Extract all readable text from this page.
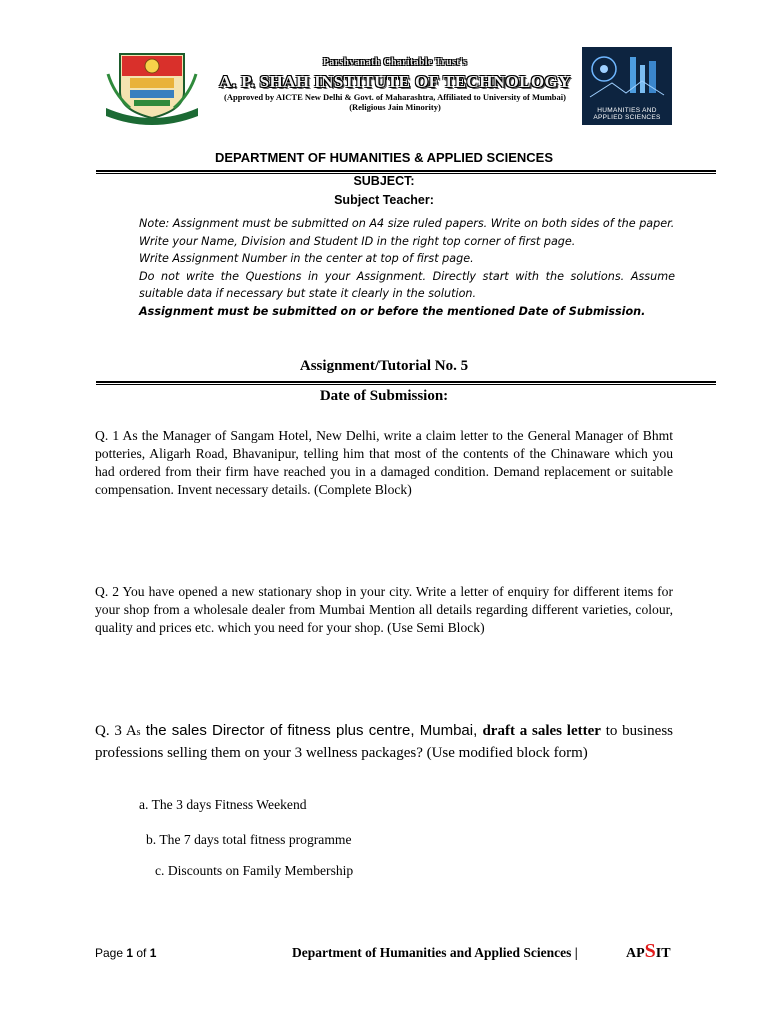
Parshvanath Charitable Trust's
A. P. SHAH INSTITUTE OF TECHNOLOGY
(Approved by AICTE New Delhi & Govt. of Maharashtra, Affiliated to University of Mumbai)
(Religious Jain Minority)	HUMANITIES AND
APPLIED SCIENCES
DEPARTMENT OF HUMANITIES & APPLIED SCIENCES
SUBJECT:
Subject Teacher:
Note: Assignment must be submitted on A4 size ruled papers. Write on both sides of the paper.
Write your Name, Division and Student ID in the right top corner of first page.
Write Assignment Number in the center at top of first page.
Do not write the Questions in your Assignment. Directly start with the solutions. Assume suitable data if necessary but state it clearly in the solution.
Assignment must be submitted on or before the mentioned Date of Submission.
Assignment/Tutorial No. 5
Date of Submission:
Q. 1 As the Manager of Sangam Hotel, New Delhi, write a claim letter to the General Manager of Bhmt potteries, Aligarh Road, Bhavanipur, telling him that most of the contents of the Chinaware which you had ordered from their firm have reached you in a damaged condition. Demand replacement or suitable compensation. Invent necessary details. (Complete Block)
Q. 2 You have opened a new stationary shop in your city. Write a letter of enquiry for different items for your shop from a wholesale dealer from Mumbai Mention all details regarding different varieties, colour, quality and prices etc. which you need for your shop. (Use Semi Block)
Q. 3 As the sales Director of fitness plus centre, Mumbai, draft a sales letter to business professions selling them on your 3 wellness packages? (Use modified block form)
a. The 3 days Fitness Weekend
b. The 7 days total fitness programme
c. Discounts on Family Membership
Page 1 of 1	Department of Humanities and Applied Sciences |	APSIT
